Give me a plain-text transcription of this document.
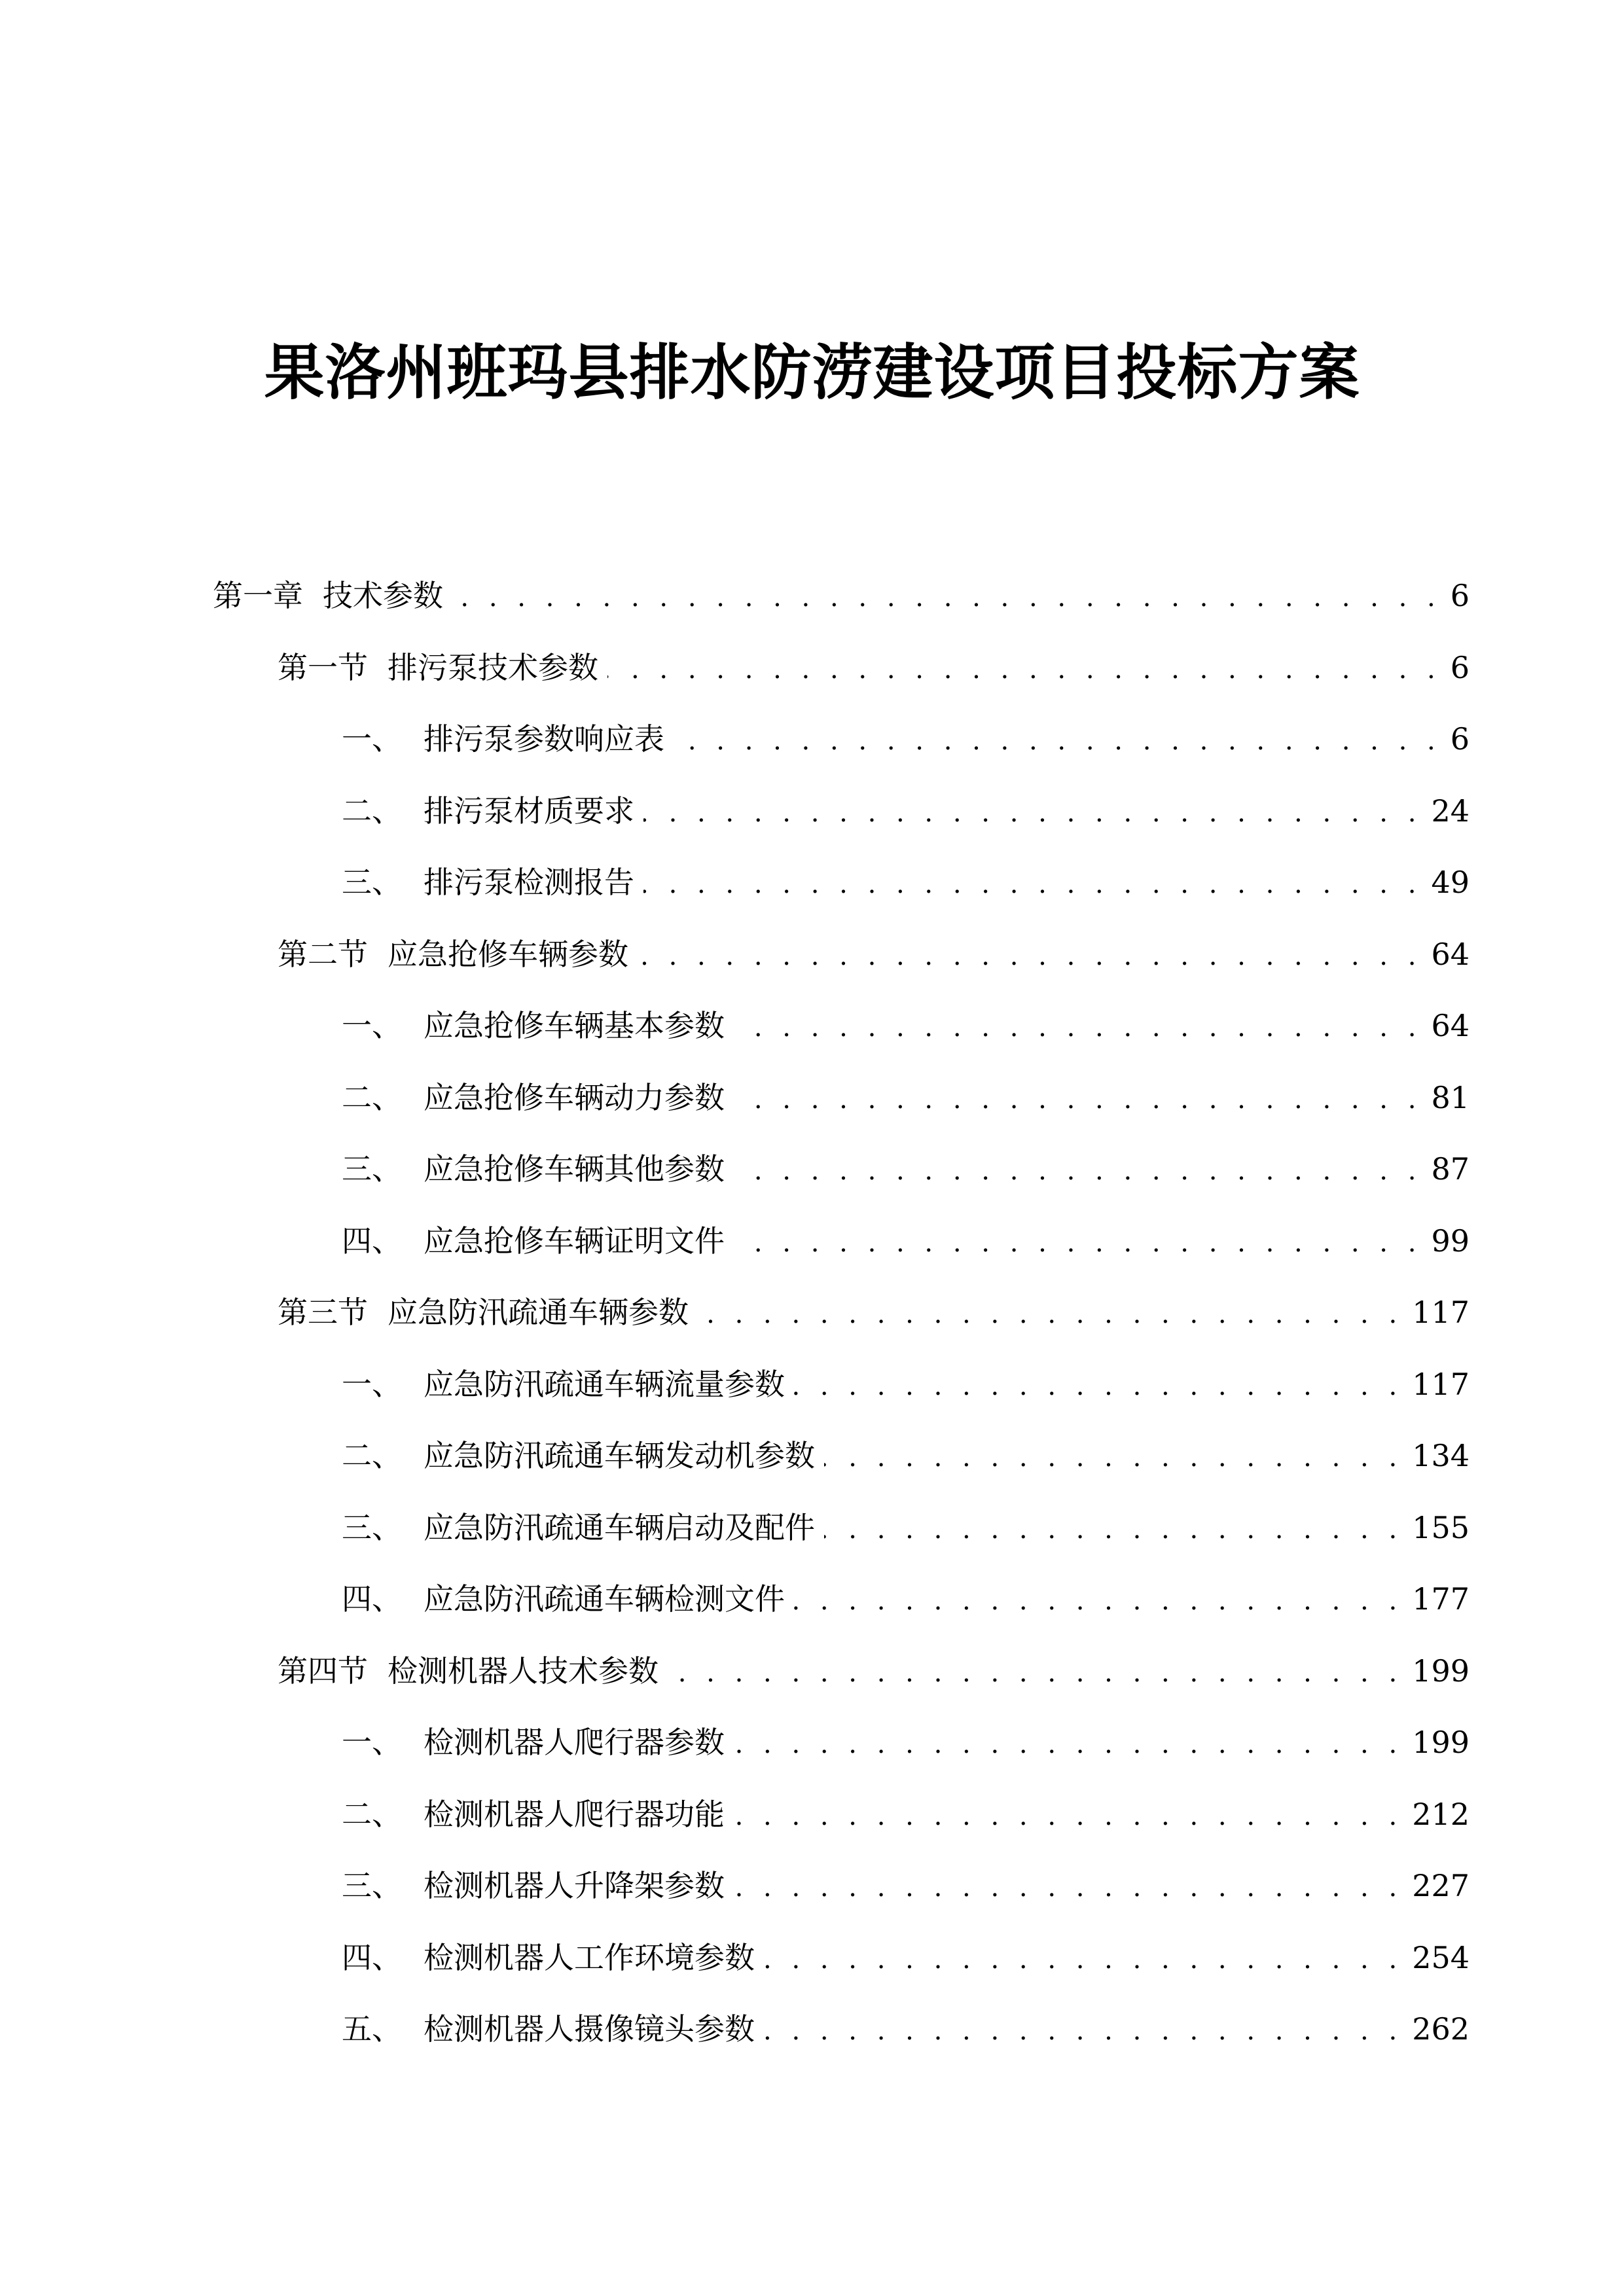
果洛州班玛县排水防涝建设项目投标方案
第一章 技术参数 . . .	6
第一节 排污泵技术参数 . . .	6
一、 排污泵参数响应表 . . .	6
二、 排污泵材质要求 . . .	24
三、 排污泵检测报告 . . .	49
第二节 应急抢修车辆参数 . . .	64
一、 应急抢修车辆基本参数 . . .	64
二、 应急抢修车辆动力参数 . . .	81
三、 应急抢修车辆其他参数 . . .	87
四、 应急抢修车辆证明文件 . . .	99
第三节 应急防汛疏通车辆参数 . . .	117
一、 应急防汛疏通车辆流量参数 . . .	117
二、 应急防汛疏通车辆发动机参数 . . .	134
三、 应急防汛疏通车辆启动及配件 . . .	155
四、 应急防汛疏通车辆检测文件 . . .	177
第四节 检测机器人技术参数 . . .	199
一、 检测机器人爬行器参数 . . .	199
二、 检测机器人爬行器功能 . . .	212
三、 检测机器人升降架参数 . . .	227
四、 检测机器人工作环境参数 . . .	254
五、 检测机器人摄像镜头参数 . . .	262
